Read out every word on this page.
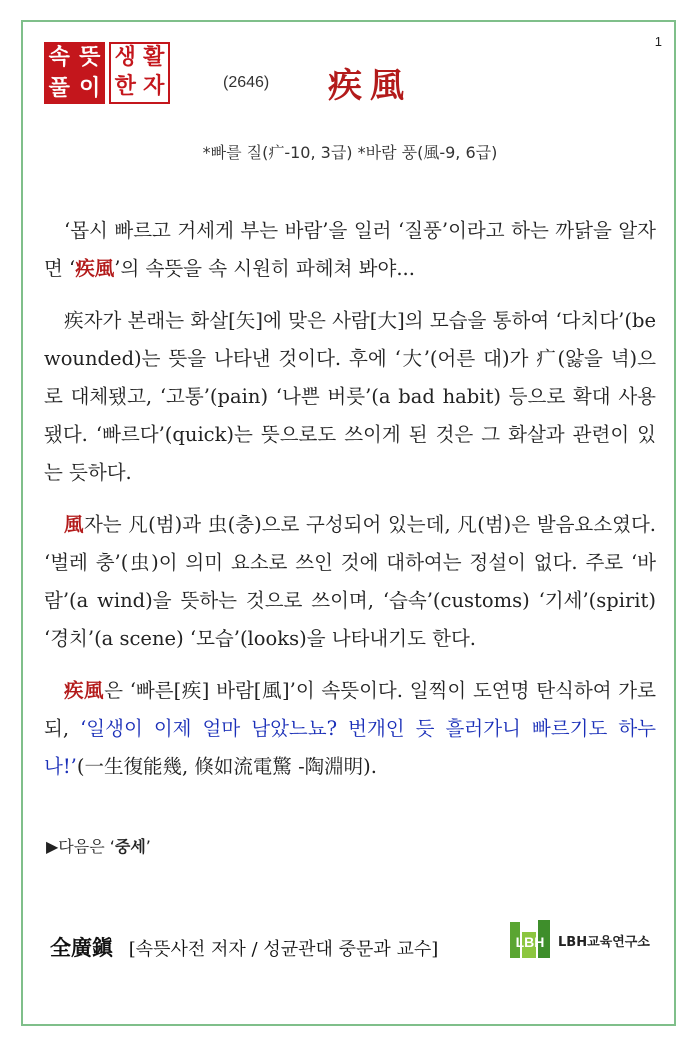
1
속 뜻
풀 이
생 활
한 자	(2646) 疾風
*빠를 질(疒-10, 3급) *바람 풍(風-9, 6급)

‘몹시 빠르고 거세게 부는 바람’을 일러 ‘질풍’이라고 하는 까닭을 알자면 ‘疾風’의 속뜻을 속 시원히 파헤쳐 봐야...

疾자가 본래는 화살[矢]에 맞은 사람[大]의 모습을 통하여 ‘다치다’(be wounded)는 뜻을 나타낸 것이다. 후에 ‘大’(어른 대)가 疒(앓을 녁)으로 대체됐고, ‘고통’(pain) ‘나쁜 버릇’(a bad habit) 등으로 확대 사용됐다. ‘빠르다’(quick)는 뜻으로도 쓰이게 된 것은 그 화살과 관련이 있는 듯하다.

風자는 凡(범)과 虫(충)으로 구성되어 있는데, 凡(범)은 발음요소였다. ‘벌레 충’(虫)이 의미 요소로 쓰인 것에 대하여는 정설이 없다. 주로 ‘바람’(a wind)을 뜻하는 것으로 쓰이며, ‘습속’(customs) ‘기세’(spirit) ‘경치’(a scene) ‘모습’(looks)을 나타내기도 한다.

疾風은 ‘빠른[疾] 바람[風]’이 속뜻이다. 일찍이 도연명 탄식하여 가로되, ‘일생이 이제 얼마 남았느뇨? 번개인 듯 흘러가니 빠르기도 하누나!’(一生復能幾, 倏如流電驚 -陶淵明).

▶다음은 ‘중세’
全廣鎭 [속뜻사전 저자 / 성균관대 중문과 교수]	LBH	LBH교육연구소
